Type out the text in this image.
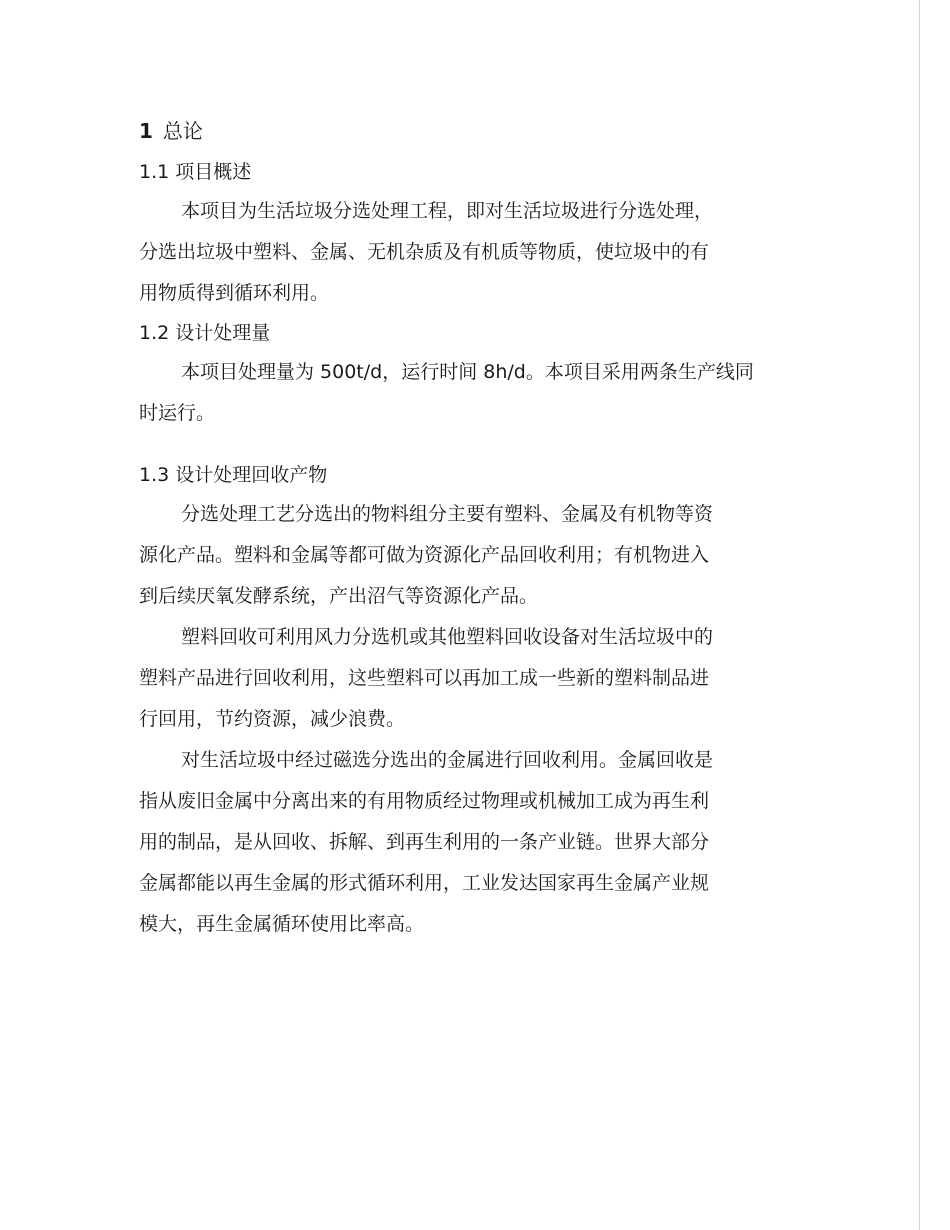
1 总论
1.1 项目概述

本项目为生活垃圾分选处理工程，即对生活垃圾进行分选处理，

分选出垃圾中塑料、金属、无机杂质及有机质等物质，使垃圾中的有

用物质得到循环利用。

1.2 设计处理量

本项目处理量为 500t/d，运行时间 8h/d。本项目采用两条生产线同

时运行。

1.3 设计处理回收产物

分选处理工艺分选出的物料组分主要有塑料、金属及有机物等资

源化产品。塑料和金属等都可做为资源化产品回收利用；有机物进入

到后续厌氧发酵系统，产出沼气等资源化产品。

塑料回收可利用风力分选机或其他塑料回收设备对生活垃圾中的

塑料产品进行回收利用，这些塑料可以再加工成一些新的塑料制品进

行回用，节约资源，减少浪费。

对生活垃圾中经过磁选分选出的金属进行回收利用。金属回收是

指从废旧金属中分离出来的有用物质经过物理或机械加工成为再生利

用的制品，是从回收、拆解、到再生利用的一条产业链。世界大部分

金属都能以再生金属的形式循环利用，工业发达国家再生金属产业规

模大，再生金属循环使用比率高。
